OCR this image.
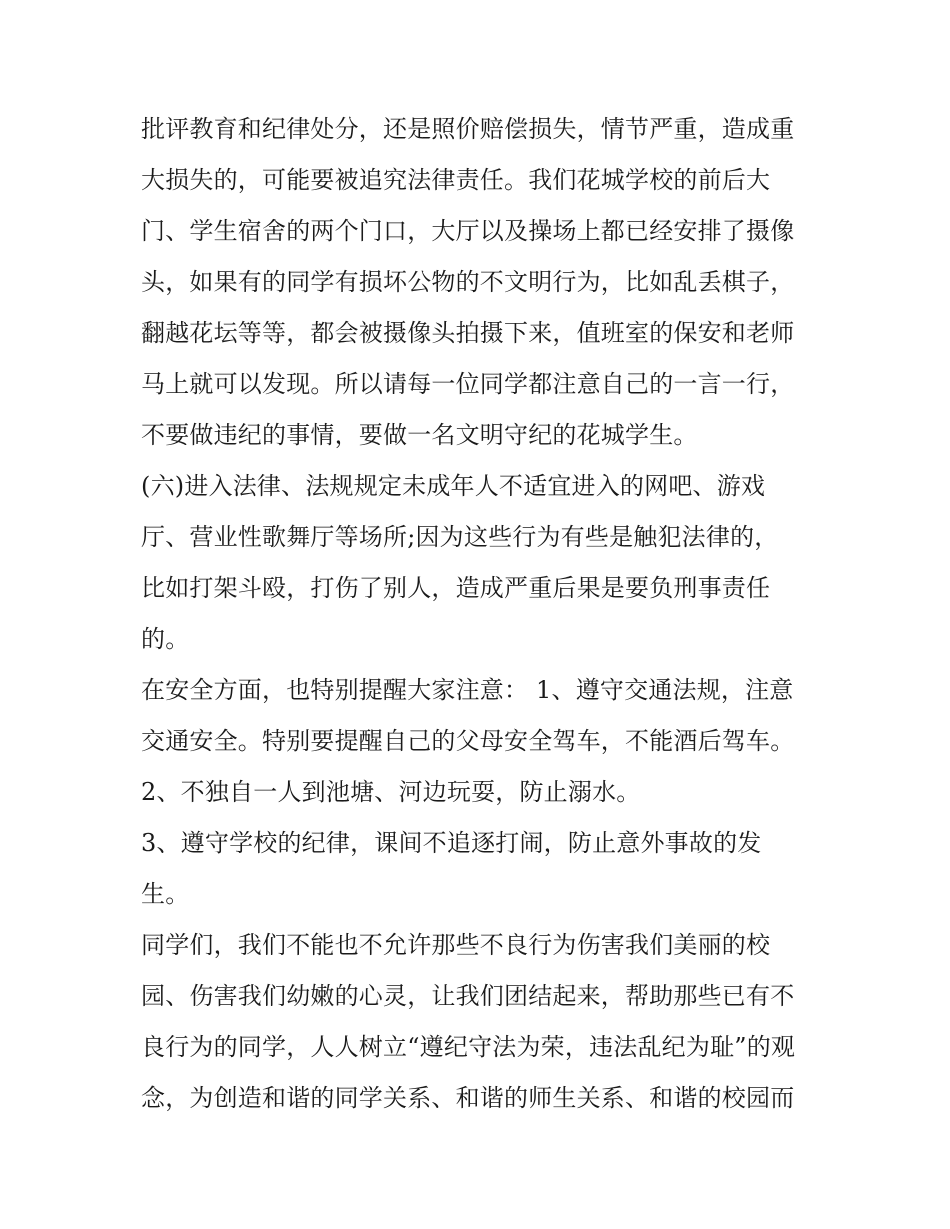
批评教育和纪律处分，还是照价赔偿损失，情节严重，造成重
大损失的，可能要被追究法律责任。我们花城学校的前后大
门、学生宿舍的两个门口，大厅以及操场上都已经安排了摄像
头，如果有的同学有损坏公物的不文明行为，比如乱丢棋子，
翻越花坛等等，都会被摄像头拍摄下来，值班室的保安和老师
马上就可以发现。所以请每一位同学都注意自己的一言一行，
不要做违纪的事情，要做一名文明守纪的花城学生。
(六)进入法律、法规规定未成年人不适宜进入的网吧、游戏
厅、营业性歌舞厅等场所;因为这些行为有些是触犯法律的，
比如打架斗殴，打伤了别人，造成严重后果是要负刑事责任
的。
在安全方面，也特别提醒大家注意： 1、遵守交通法规，注意
交通安全。特别要提醒自己的父母安全驾车，不能酒后驾车。
2、不独自一人到池塘、河边玩耍，防止溺水。
3、遵守学校的纪律，课间不追逐打闹，防止意外事故的发
生。
同学们，我们不能也不允许那些不良行为伤害我们美丽的校
园、伤害我们幼嫩的心灵，让我们团结起来，帮助那些已有不
良行为的同学，人人树立“遵纪守法为荣，违法乱纪为耻”的观
念，为创造和谐的同学关系、和谐的师生关系、和谐的校园而
